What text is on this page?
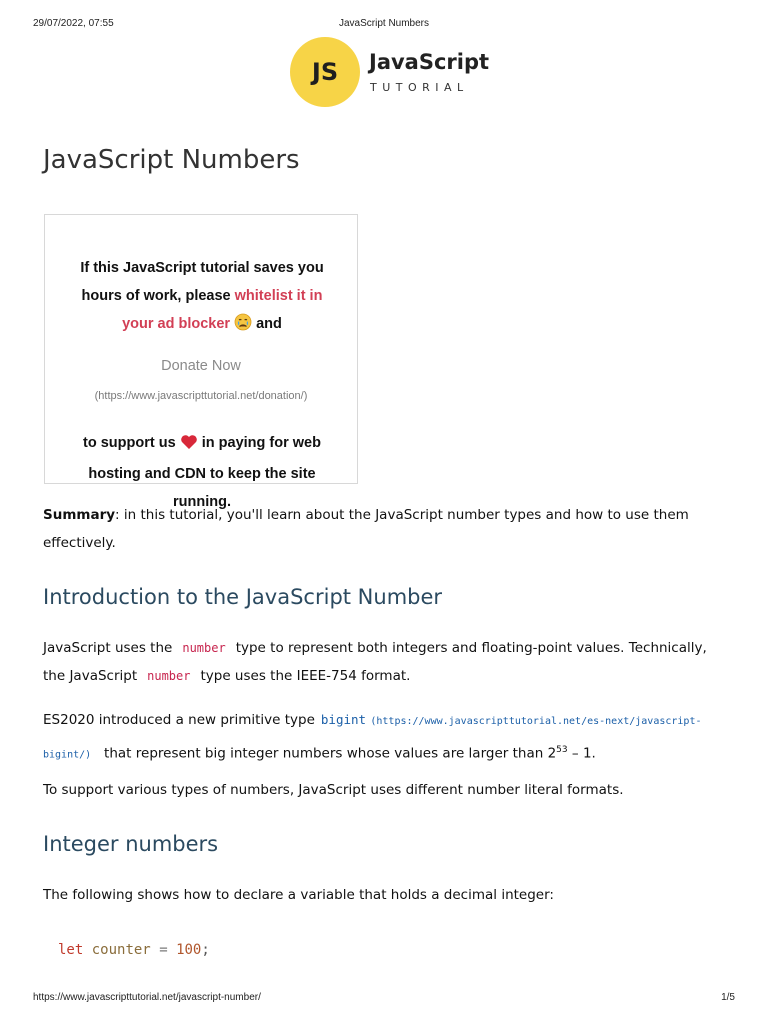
29/07/2022, 07:55	JavaScript Numbers
JS	JavaScript
TUTORIAL
JavaScript Numbers
If this JavaScript tutorial saves you hours of work, please whitelist it in your ad blocker  and
Donate Now
(https://www.javascripttutorial.net/donation/)
to support us  in paying for web hosting and CDN to keep the site running.

Summary: in this tutorial, you'll learn about the JavaScript number types and how to use them effectively.

Introduction to the JavaScript Number

JavaScript uses the number type to represent both integers and floating-point values. Technically, the JavaScript number type uses the IEEE-754 format.

ES2020 introduced a new primitive type bigint (https://www.javascripttutorial.net/es-next/javascript-bigint/) that represent big integer numbers whose values are larger than $2^{53} - 1$.

To support various types of numbers, JavaScript uses different number literal formats.

Integer numbers

The following shows how to declare a variable that holds a decimal integer:

let counter = 100;
https://www.javascripttutorial.net/javascript-number/	1/5
